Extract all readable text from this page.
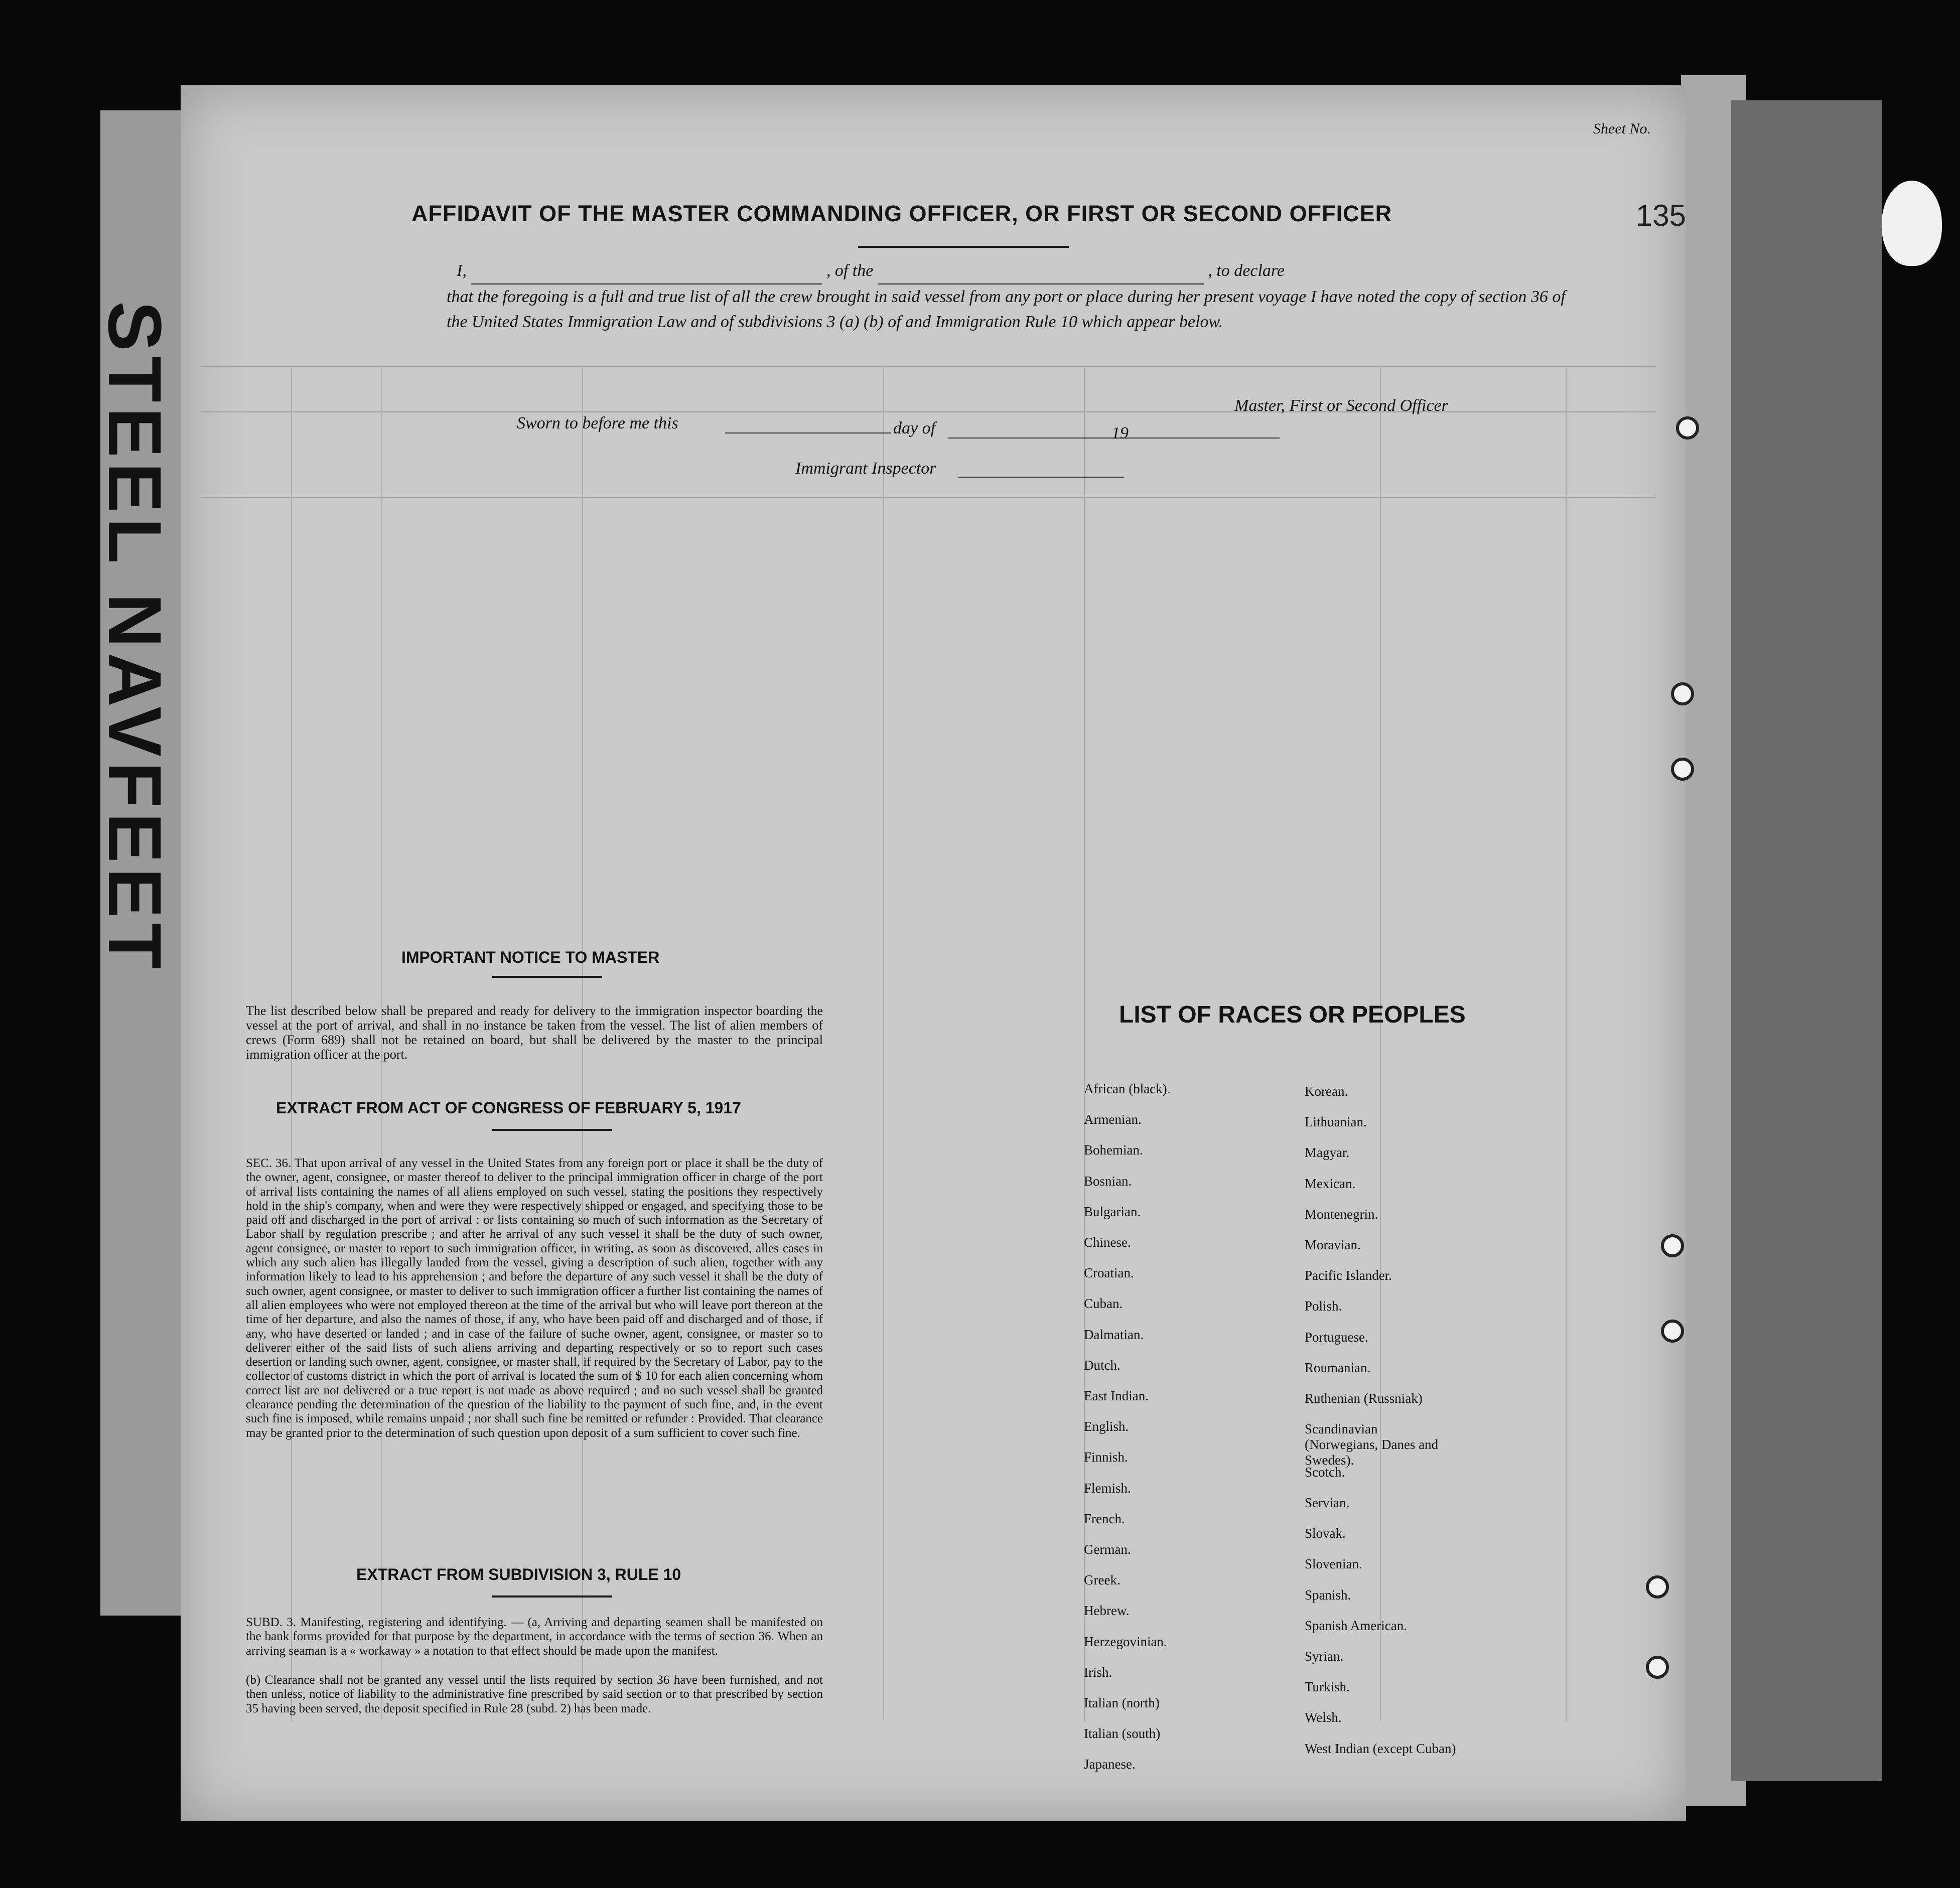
STEEL NAVFEET
Sheet No.
135
AFFIDAVIT OF THE MASTER COMMANDING OFFICER, OR FIRST OR SECOND OFFICER
I,	, of the	, to declare
that the foregoing is a full and true list of all the crew brought in said vessel from any port or place during her present voyage I have noted the copy of section 36 of the United States Immigration Law and of subdivisions 3 (a) (b) of and Immigration Rule 10 which appear below.
Master, First or Second Officer
Sworn to before me this	day of	19
Immigrant Inspector
IMPORTANT NOTICE TO MASTER
The list described below shall be prepared and ready for delivery to the immigration inspector boarding the vessel at the port of arrival, and shall in no instance be taken from the vessel. The list of alien members of crews (Form 689) shall not be retained on board, but shall be delivered by the master to the principal immigration officer at the port.
EXTRACT FROM ACT OF CONGRESS OF FEBRUARY 5, 1917
SEC. 36. That upon arrival of any vessel in the United States from any foreign port or place it shall be the duty of the owner, agent, consignee, or master thereof to deliver to the principal immigration officer in charge of the port of arrival lists containing the names of all aliens employed on such vessel, stating the positions they respectively hold in the ship's company, when and were they were respectively shipped or engaged, and specifying those to be paid off and discharged in the port of arrival : or lists containing so much of such information as the Secretary of Labor shall by regulation prescribe ; and after he arrival of any such vessel it shall be the duty of such owner, agent consignee, or master to report to such immigration officer, in writing, as soon as discovered, alles cases in which any such alien has illegally landed from the vessel, giving a description of such alien, together with any information likely to lead to his apprehension ; and before the departure of any such vessel it shall be the duty of such owner, agent consignee, or master to deliver to such immigration officer a further list containing the names of all alien employees who were not employed thereon at the time of the arrival but who will leave port thereon at the time of her departure, and also the names of those, if any, who have been paid off and discharged and of those, if any, who have deserted or landed ; and in case of the failure of suche owner, agent, consignee, or master so to deliverer either of the said lists of such aliens arriving and departing respectively or so to report such cases desertion or landing such owner, agent, consignee, or master shall, if required by the Secretary of Labor, pay to the collector of customs district in which the port of arrival is located the sum of $ 10 for each alien concerning whom correct list are not delivered or a true report is not made as above required ; and no such vessel shall be granted clearance pending the determination of the question of the liability to the payment of such fine, and, in the event such fine is imposed, while remains unpaid ; nor shall such fine be remitted or refunder : Provided. That clearance may be granted prior to the determination of such question upon deposit of a sum sufficient to cover such fine.
EXTRACT FROM SUBDIVISION 3, RULE 10
SUBD. 3. Manifesting, registering and identifying. — (a, Arriving and departing seamen shall be manifested on the bank forms provided for that purpose by the department, in accordance with the terms of section 36. When an arriving seaman is a « workaway » a notation to that effect should be made upon the manifest.
(b) Clearance shall not be granted any vessel until the lists required by section 36 have been furnished, and not then unless, notice of liability to the administrative fine prescribed by said section or to that prescribed by section 35 having been served, the deposit specified in Rule 28 (subd. 2) has been made.
LIST OF RACES OR PEOPLES
African (black).
Armenian.
Bohemian.
Bosnian.
Bulgarian.
Chinese.
Croatian.
Cuban.
Dalmatian.
Dutch.
East Indian.
English.
Finnish.
Flemish.
French.
German.
Greek.
Hebrew.
Herzegovinian.
Irish.
Italian (north)
Italian (south)
Japanese.
Korean.
Lithuanian.
Magyar.
Mexican.
Montenegrin.
Moravian.
Pacific Islander.
Polish.
Portuguese.
Roumanian.
Ruthenian (Russniak)
Scandinavian (Norwegians, Danes and Swedes).
Scotch.
Servian.
Slovak.
Slovenian.
Spanish.
Spanish American.
Syrian.
Turkish.
Welsh.
West Indian (except Cuban)
